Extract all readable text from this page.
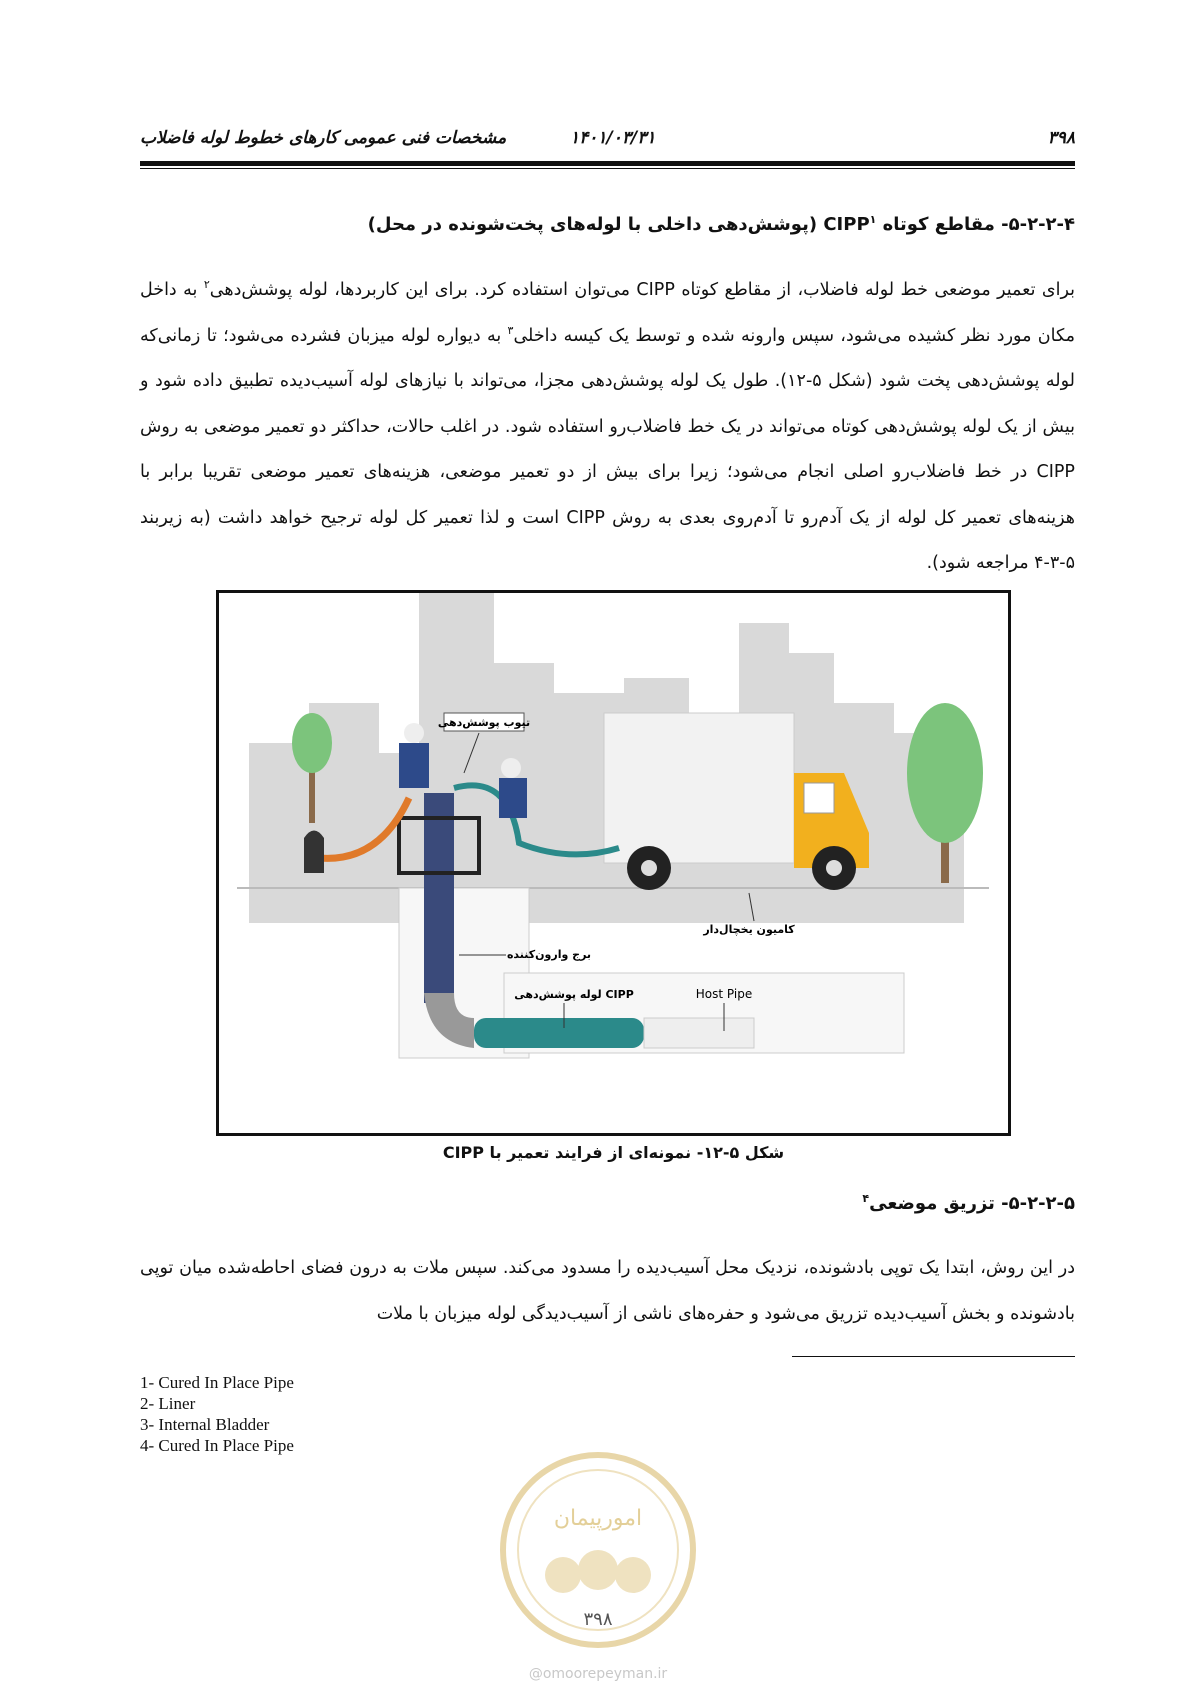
۳۹۸
۱۴۰۱/۰۳/۳۱
مشخصات فنی عمومی کارهای خطوط لوله فاضلاب
۵-۲-۲-۴- مقاطع کوتاه CIPP$^۱$ (پوشش‌دهی داخلی با لوله‌های پخت‌شونده در محل)
برای تعمیر موضعی خط لوله فاضلاب، از مقاطع کوتاه CIPP می‌توان استفاده کرد. برای این کاربردها، لوله پوشش‌دهی$^۲$ به داخل مکان مورد نظر کشیده می‌شود، سپس وارونه شده و توسط یک کیسه داخلی$^۳$ به دیواره لوله میزبان فشرده می‌شود؛ تا زمانی‌که لوله پوشش‌دهی پخت شود (شکل ۵-۱۲). طول یک لوله پوشش‌دهی مجزا، می‌تواند با نیازهای لوله آسیب‌دیده تطبیق داده شود و بیش از یک لوله پوشش‌دهی کوتاه می‌تواند در یک خط فاضلاب‌رو استفاده شود. در اغلب حالات، حداکثر دو تعمیر موضعی به روش CIPP در خط فاضلاب‌رو اصلی انجام می‌شود؛ زیرا برای بیش از دو تعمیر موضعی، هزینه‌های تعمیر موضعی تقریبا برابر با هزینه‌های تعمیر کل لوله از یک آدم‌رو تا آدم‌روی بعدی به روش CIPP است و لذا تعمیر کل لوله ترجیح خواهد داشت (به زیربند ۵-۳-۴ مراجعه شود).
تیوب پوشش‌دهی
برج وارون‌کننده
کامیون یخچال‌دار
لوله پوشش‌دهی CIPP	Host Pipe
شکل ۵-۱۲- نمونه‌ای از فرایند تعمیر با CIPP
۵-۲-۲-۵- تزریق موضعی$^۴$
در این روش، ابتدا یک توپی بادشونده، نزدیک محل آسیب‌دیده را مسدود می‌کند. سپس ملات به درون فضای احاطه‌شده میان توپی بادشونده و بخش آسیب‌دیده تزریق می‌شود و حفره‌های ناشی از آسیب‌دیدگی لوله میزبان با ملات
1- Cured In Place Pipe
2- Liner
3- Internal Bladder
4- Cured In Place Pipe
امورپیمان
۳۹۸
@omoorepeyman.ir
